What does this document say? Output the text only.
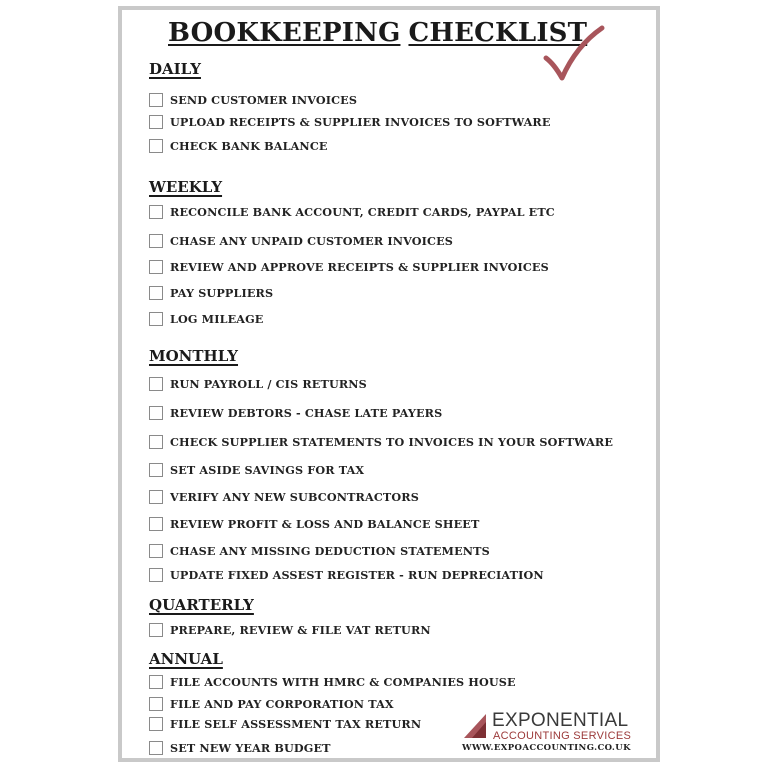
BOOKKEEPING CHECKLIST
DAILY
SEND CUSTOMER INVOICES
UPLOAD RECEIPTS & SUPPLIER INVOICES TO SOFTWARE
CHECK BANK BALANCE
WEEKLY
RECONCILE BANK ACCOUNT, CREDIT CARDS, PAYPAL ETC
CHASE ANY UNPAID CUSTOMER INVOICES
REVIEW AND APPROVE RECEIPTS & SUPPLIER INVOICES
PAY SUPPLIERS
LOG MILEAGE
MONTHLY
RUN PAYROLL / CIS RETURNS
REVIEW DEBTORS - CHASE LATE PAYERS
CHECK SUPPLIER STATEMENTS TO INVOICES IN YOUR SOFTWARE
SET ASIDE SAVINGS FOR TAX
VERIFY ANY NEW SUBCONTRACTORS
REVIEW PROFIT & LOSS AND BALANCE SHEET
CHASE ANY MISSING DEDUCTION STATEMENTS
UPDATE FIXED ASSEST REGISTER - RUN DEPRECIATION
QUARTERLY
PREPARE, REVIEW & FILE VAT RETURN
ANNUAL
FILE ACCOUNTS WITH HMRC & COMPANIES HOUSE
FILE AND PAY CORPORATION TAX
FILE SELF ASSESSMENT TAX RETURN
SET NEW YEAR BUDGET
EXPONENTIAL
ACCOUNTING SERVICES
WWW.EXPOACCOUNTING.CO.UK
